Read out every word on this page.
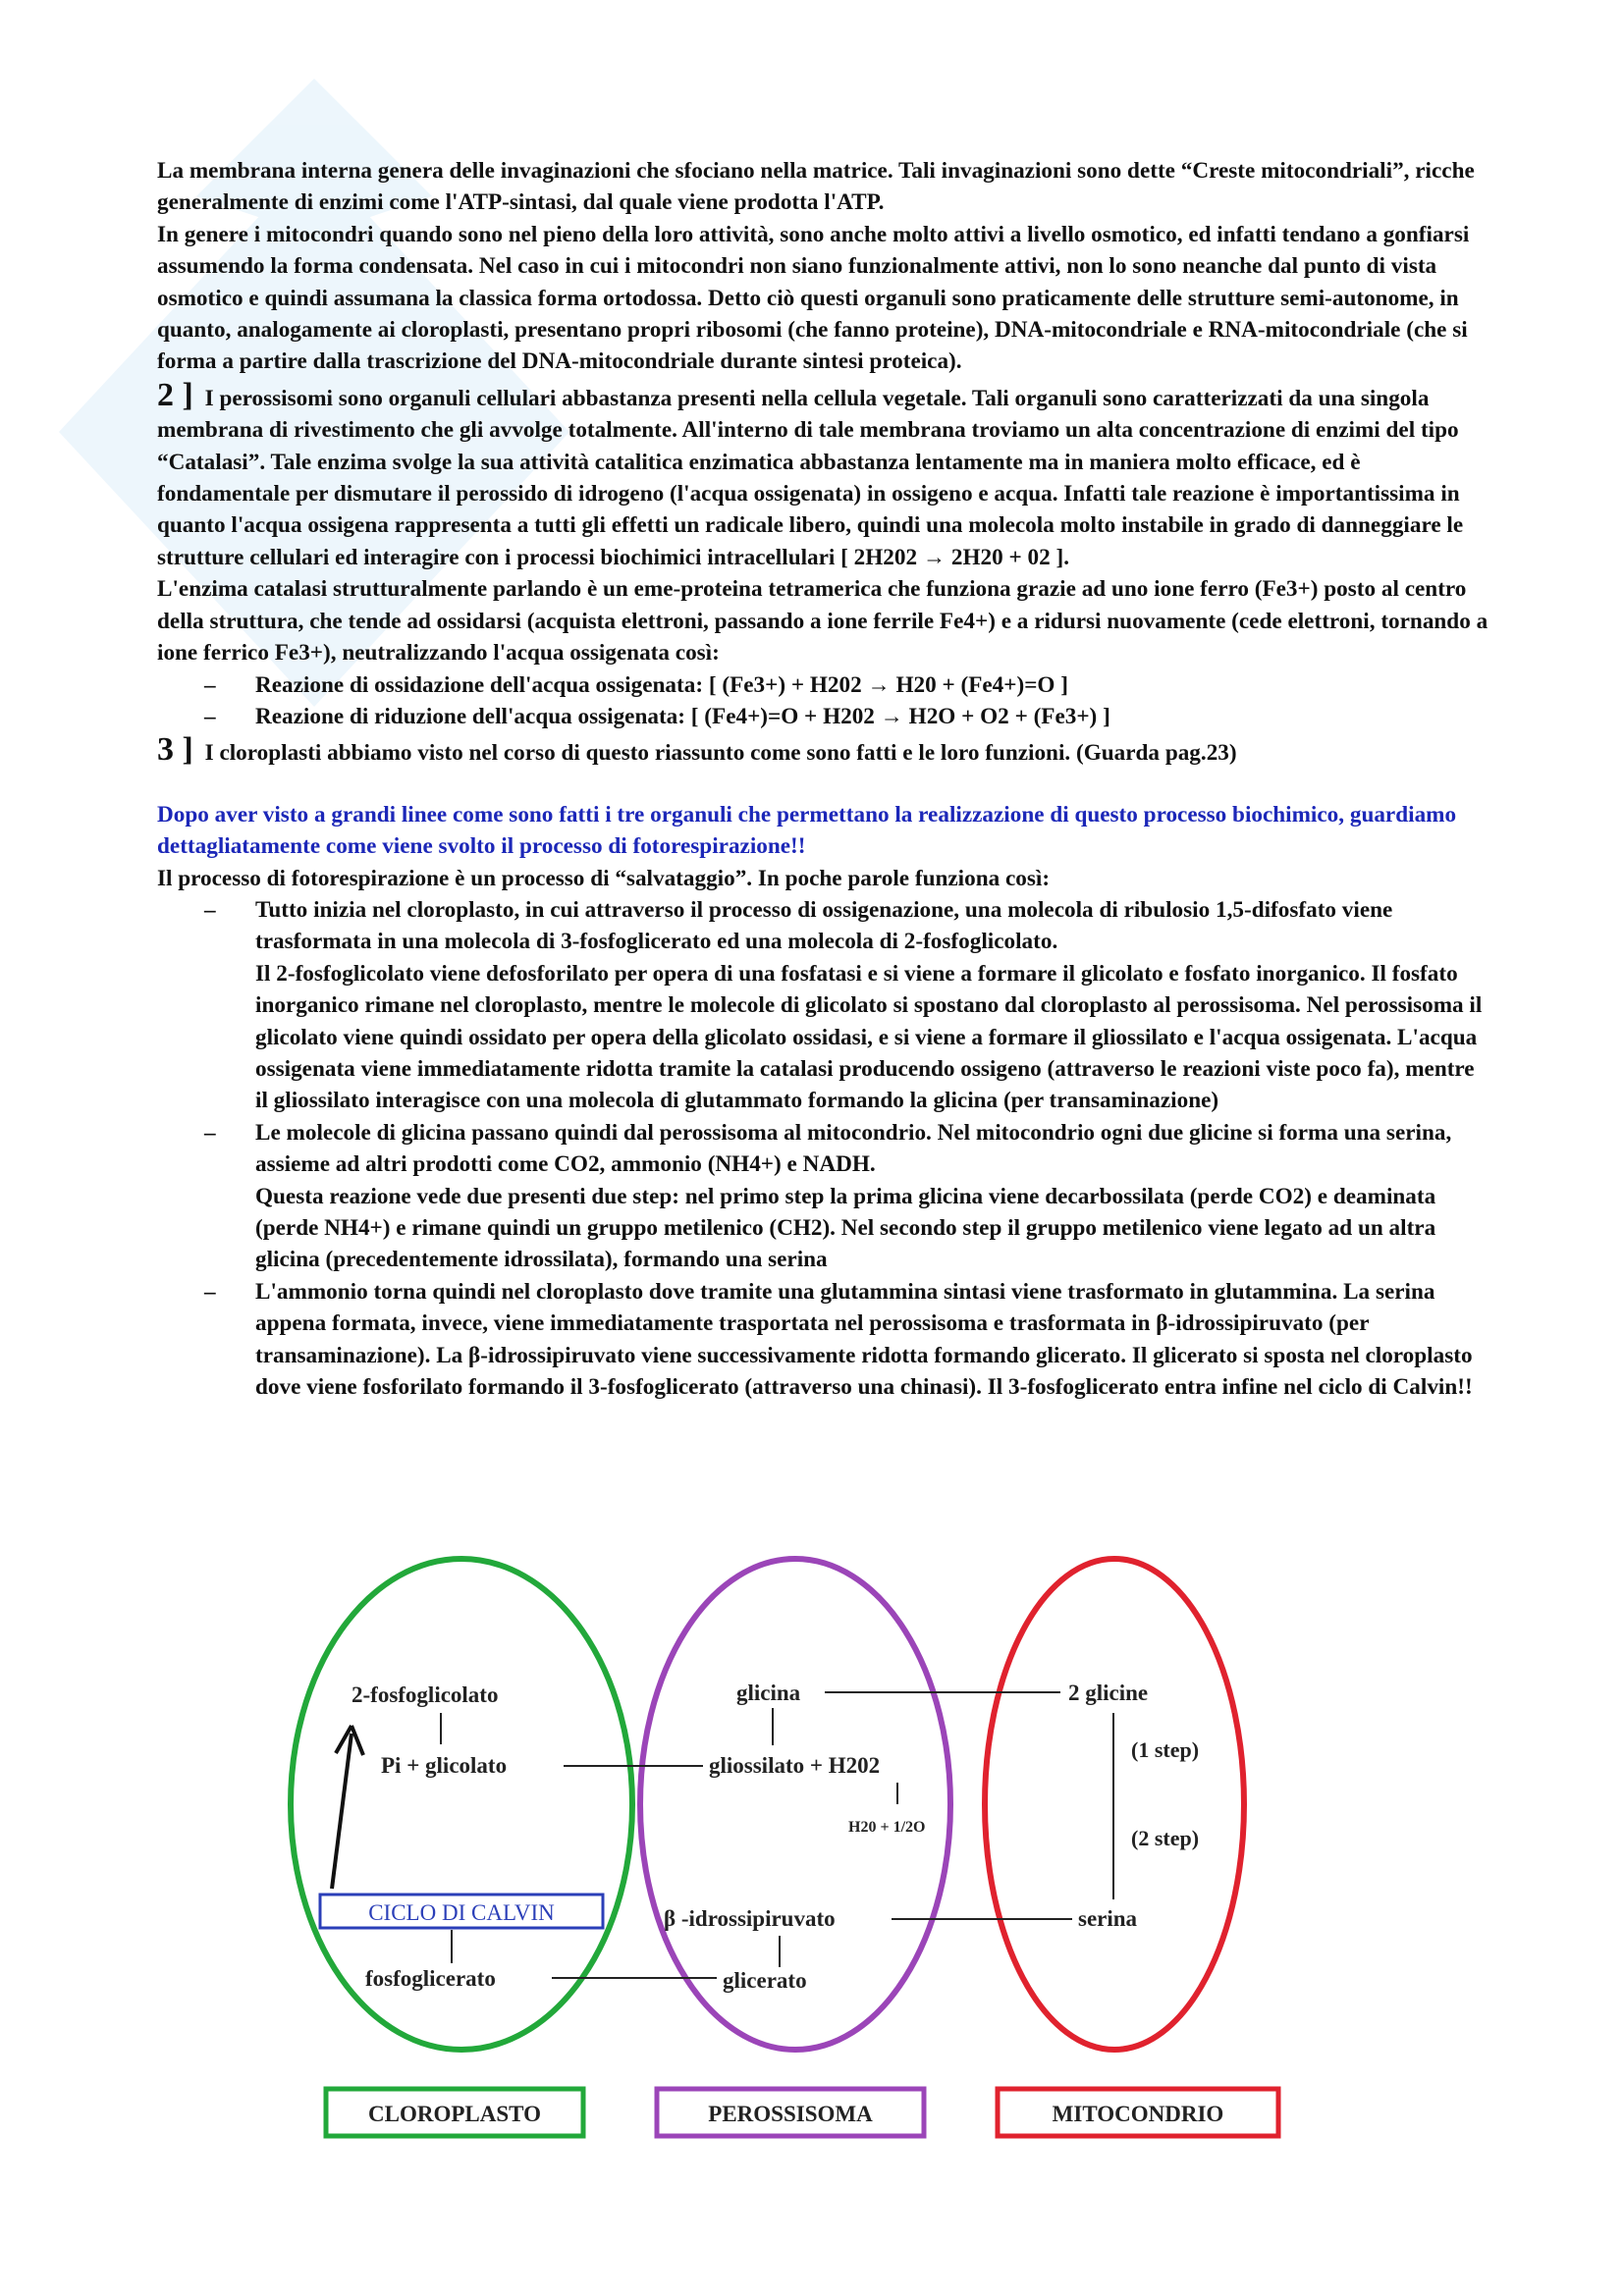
La membrana interna genera delle invaginazioni che sfociano nella matrice. Tali invaginazioni sono dette “Creste mitocondriali”, ricche generalmente di enzimi come l'ATP-sintasi, dal quale viene prodotta l'ATP.

In genere i mitocondri quando sono nel pieno della loro attività, sono anche molto attivi a livello osmotico, ed infatti tendano a gonfiarsi assumendo la forma condensata. Nel caso in cui i mitocondri non siano funzionalmente attivi, non lo sono neanche dal punto di vista osmotico e quindi assumana la classica forma ortodossa. Detto ciò questi organuli sono praticamente delle strutture semi-autonome, in quanto, analogamente ai cloroplasti, presentano propri ribosomi (che fanno proteine), DNA-mitocondriale e RNA-mitocondriale (che si forma a partire dalla trascrizione del DNA-mitocondriale durante sintesi proteica).

2 ] I perossisomi sono organuli cellulari abbastanza presenti nella cellula vegetale. Tali organuli sono caratterizzati da una singola membrana di rivestimento che gli avvolge totalmente. All'interno di tale membrana troviamo un alta concentrazione di enzimi del tipo “Catalasi”. Tale enzima svolge la sua attività catalitica enzimatica abbastanza lentamente ma in maniera molto efficace, ed è fondamentale per dismutare il perossido di idrogeno (l'acqua ossigenata) in ossigeno e acqua. Infatti tale reazione è importantissima in quanto l'acqua ossigena rappresenta a tutti gli effetti un radicale libero, quindi una molecola molto instabile in grado di danneggiare le strutture cellulari ed interagire con i processi biochimici intracellulari [ 2H202 → 2H20 + 02 ].

L'enzima catalasi strutturalmente parlando è un eme-proteina tetramerica che funziona grazie ad uno ione ferro (Fe3+) posto al centro della struttura, che tende ad ossidarsi (acquista elettroni, passando a ione ferrile Fe4+) e a ridursi nuovamente (cede elettroni, tornando a ione ferrico Fe3+), neutralizzando l'acqua ossigenata così:

– Reazione di ossidazione dell'acqua ossigenata: [ (Fe3+) + H202 → H20 + (Fe4+)=O ]

– Reazione di riduzione dell'acqua ossigenata: [ (Fe4+)=O + H202 → H2O + O2 + (Fe3+) ]

3 ] I cloroplasti abbiamo visto nel corso di questo riassunto come sono fatti e le loro funzioni. (Guarda pag.23)

Dopo aver visto a grandi linee come sono fatti i tre organuli che permettano la realizzazione di questo processo biochimico, guardiamo dettagliatamente come viene svolto il processo di fotorespirazione!!

Il processo di fotorespirazione è un processo di “salvataggio”. In poche parole funziona così:

– Tutto inizia nel cloroplasto, in cui attraverso il processo di ossigenazione, una molecola di ribulosio 1,5-difosfato viene trasformata in una molecola di 3-fosfoglicerato ed una molecola di 2-fosfoglicolato.

Il 2-fosfoglicolato viene defosforilato per opera di una fosfatasi e si viene a formare il glicolato e fosfato inorganico. Il fosfato inorganico rimane nel cloroplasto, mentre le molecole di glicolato si spostano dal cloroplasto al perossisoma. Nel perossisoma il glicolato viene quindi ossidato per opera della glicolato ossidasi, e si viene a formare il gliossilato e l'acqua ossigenata. L'acqua ossigenata viene immediatamente ridotta tramite la catalasi producendo ossigeno (attraverso le reazioni viste poco fa), mentre il gliossilato interagisce con una molecola di glutammato formando la glicina (per transaminazione)

– Le molecole di glicina passano quindi dal perossisoma al mitocondrio. Nel mitocondrio ogni due glicine si forma una serina, assieme ad altri prodotti come CO2, ammonio (NH4+) e NADH.

Questa reazione vede due presenti due step: nel primo step la prima glicina viene decarbossilata (perde CO2) e deaminata (perde NH4+) e rimane quindi un gruppo metilenico (CH2). Nel secondo step il gruppo metilenico viene legato ad un altra glicina (precedentemente idrossilata), formando una serina

– L'ammonio torna quindi nel cloroplasto dove tramite una glutammina sintasi viene trasformato in glutammina. La serina appena formata, invece, viene immediatamente trasportata nel perossisoma e trasformata in β-idrossipiruvato (per transaminazione). La β-idrossipiruvato viene successivamente ridotta formando glicerato. Il glicerato si sposta nel cloroplasto dove viene fosforilato formando il 3-fosfoglicerato (attraverso una chinasi). Il 3-fosfoglicerato entra infine nel ciclo di Calvin!!

2-fosfoglicolato
Pi + glicolato
CICLO DI CALVIN
fosfoglicerato
glicina
gliossilato + H202
H20 + 1/2O
β -idrossipiruvato
glicerato
2 glicine
(1 step)
(2 step)
serina
CLOROPLASTO	PEROSSISOMA	MITOCONDRIO
